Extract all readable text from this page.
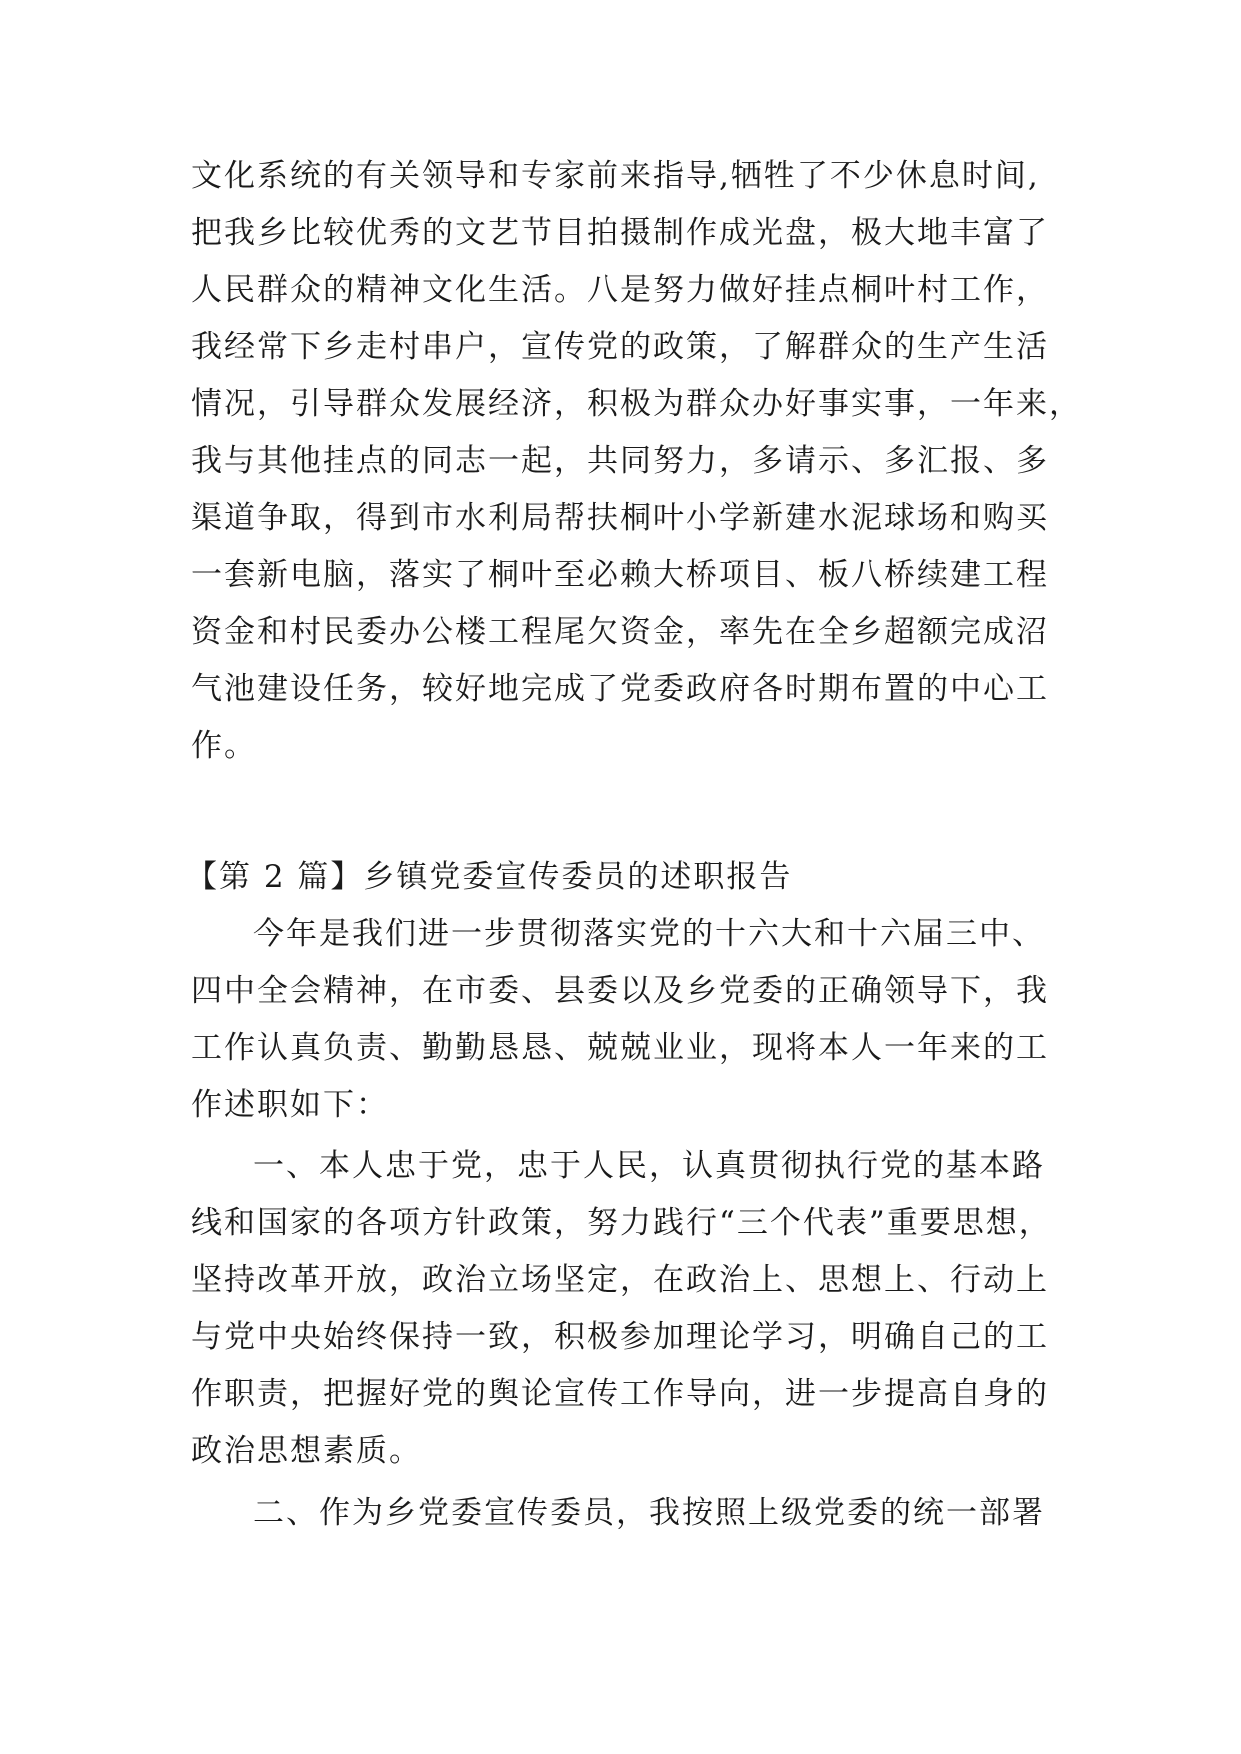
文化系统的有关领导和专家前来指导,牺牲了不少休息时间,
把我乡比较优秀的文艺节目拍摄制作成光盘，极大地丰富了
人民群众的精神文化生活。八是努力做好挂点桐叶村工作，
我经常下乡走村串户，宣传党的政策，了解群众的生产生活
情况，引导群众发展经济，积极为群众办好事实事，一年来，
我与其他挂点的同志一起，共同努力，多请示、多汇报、多
渠道争取，得到市水利局帮扶桐叶小学新建水泥球场和购买
一套新电脑，落实了桐叶至必赖大桥项目、板八桥续建工程
资金和村民委办公楼工程尾欠资金，率先在全乡超额完成沼
气池建设任务，较好地完成了党委政府各时期布置的中心工
作。
【第 2 篇】乡镇党委宣传委员的述职报告
今年是我们进一步贯彻落实党的十六大和十六届三中、
四中全会精神，在市委、县委以及乡党委的正确领导下，我
工作认真负责、勤勤恳恳、兢兢业业，现将本人一年来的工
作述职如下：
一、本人忠于党，忠于人民，认真贯彻执行党的基本路
线和国家的各项方针政策，努力践行“三个代表”重要思想，
坚持改革开放，政治立场坚定，在政治上、思想上、行动上
与党中央始终保持一致，积极参加理论学习，明确自己的工
作职责，把握好党的舆论宣传工作导向，进一步提高自身的
政治思想素质。
二、作为乡党委宣传委员，我按照上级党委的统一部署
